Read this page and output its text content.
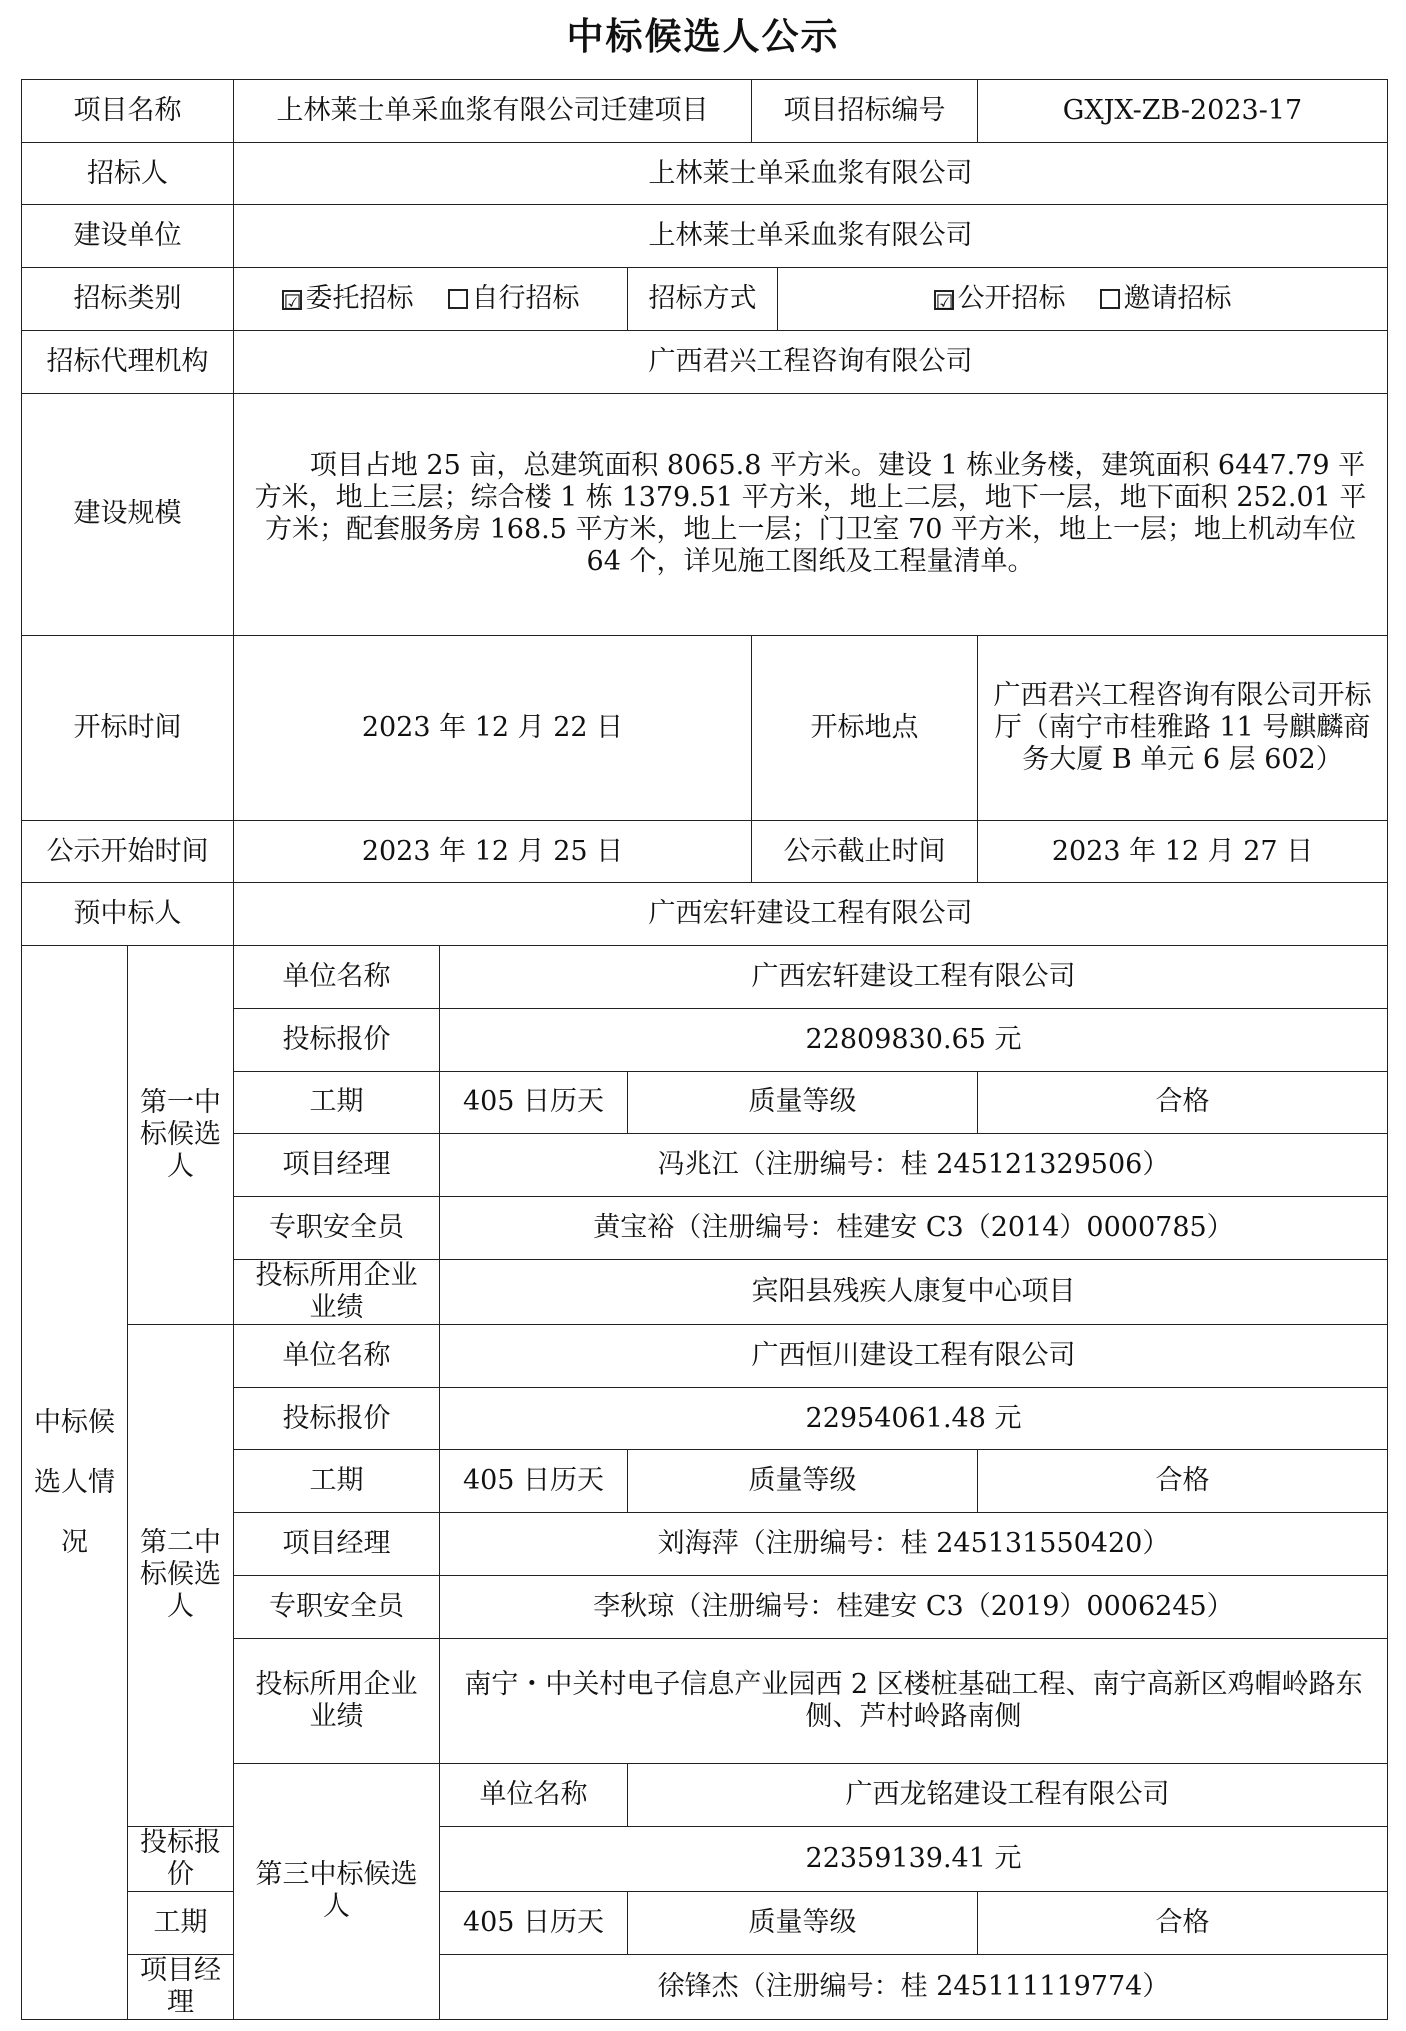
中标候选人公示
项目名称		上林莱士单采血浆有限公司迁建项目			项目招标编号		GXJX-ZB-2023-17
招标人		上林莱士单采血浆有限公司					
建设单位		上林莱士单采血浆有限公司					
招标类别		☑ 委托招标 自行招标		招标方式		☑ 公开招标 邀请招标	
招标代理机构		广西君兴工程咨询有限公司					
建设规模		项目占地 25 亩，总建筑面积 8065.8 平方米。建设 1 栋业务楼，建筑面积 6447.79 平方米，地上三层；综合楼 1 栋 1379.51 平方米，地上二层，地下一层，地下面积 252.01 平方米；配套服务房 168.5 平方米，地上一层；门卫室 70 平方米，地上一层；地上机动车位 64 个，详见施工图纸及工程量清单。					

开标时间		2023 年 12 月 22 日			开标地点		广西君兴工程咨询有限公司开标厅（南宁市桂雅路 11 号麒麟商务大厦 B 单元 6 层 602）
公示开始时间		2023 年 12 月 25 日			公示截止时间		2023 年 12 月 27 日
预中标人		广西宏轩建设工程有限公司					
中标候选人情况	第一中标候选人	单位名称	广西宏轩建设工程有限公司				
		投标报价	22809830.65 元				
		工期	405 日历天	质量等级			合格
		项目经理	冯兆江（注册编号：桂 245121329506）				
		专职安全员	黄宝裕（注册编号：桂建安 C3（2014）0000785）				
		投标所用企业业绩	宾阳县残疾人康复中心项目				
	第二中标候选人	单位名称	广西恒川建设工程有限公司				
		投标报价	22954061.48 元				
		工期	405 日历天	质量等级			合格
		项目经理	刘海萍（注册编号：桂 245131550420）				
		专职安全员	李秋琼（注册编号：桂建安 C3（2019）0006245）				
		投标所用企业业绩	南宁・中关村电子信息产业园西 2 区楼桩基础工程、南宁高新区鸡帽岭路东侧、芦村岭路南侧				
		第三中标候选人	单位名称	广西龙铭建设工程有限公司			
	投标报价		22359139.41 元				
	工期		405 日历天	质量等级			合格
	项目经理		徐锋杰（注册编号：桂 245111119774）				
